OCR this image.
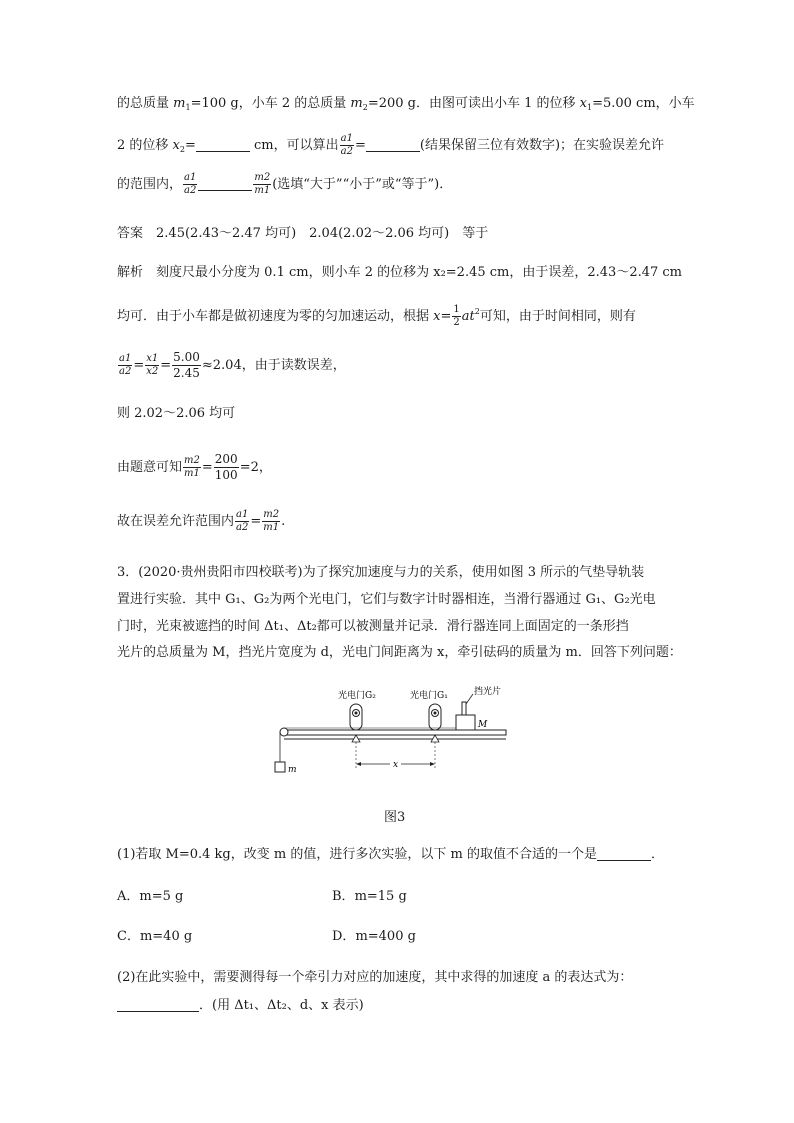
的总质量 $m_1=100$ g，小车 2 的总质量 $m_2=200$ g．由图可读出小车 1 的位移 $x_1=5.00$ cm，小车
2 的位移 $x_2=$	cm，可以算出 $\frac{a1}{a2}$ =	(结果保留三位有效数字)；在实验误差允许
的范围内， $\frac{a1}{a2}$	$\frac{m2}{m1}$ (选填“大于”“小于”或“等于”)．
答案　 2.45(2.43～2.47 均可)　2.04(2.02～2.06 均可)　等于
解析　 刻度尺最小分度为 0.1 cm，则小车 2 的位移为 x₂=2.45 cm，由于误差，2.43～2.47 cm
均可．由于小车都是做初速度为零的匀加速运动，根据 $x= \frac{1}{2} at^2$可知，由于时间相同，则有
$\frac{a1}{a2} = \frac{x1}{x2} = \frac{5.00}{2.45} \approx 2.04$，由于读数误差，
则 2.02～2.06 均可
由题意可知 $\frac{m2}{m1} = \frac{200}{100} =2$，
故在误差允许范围内 $\frac{a1}{a2} = \frac{m2}{m1}$ .
3．(2020·贵州贵阳市四校联考)为了探究加速度与力的关系，使用如图 3 所示的气垫导轨装
置进行实验．其中 G₁、G₂为两个光电门，它们与数字计时器相连，当滑行器通过 G₁、G₂光电
门时，光束被遮挡的时间 Δt₁、Δt₂都可以被测量并记录．滑行器连同上面固定的一条形挡
光片的总质量为 M，挡光片宽度为 d，光电门间距离为 x，牵引砝码的质量为 m．回答下列问题：
光电门G₂	光电门G₁	挡光片
M
m	x
图3
(1)若取 M=0.4 kg，改变 m 的值，进行多次实验，以下 m 的取值不合适的一个是	．
A．m=5 g	B．m=15 g
C．m=40 g	D．m=400 g
(2)在此实验中，需要测得每一个牵引力对应的加速度，其中求得的加速度 a 的表达式为：
．(用 Δt₁、Δt₂、d、x 表示)
